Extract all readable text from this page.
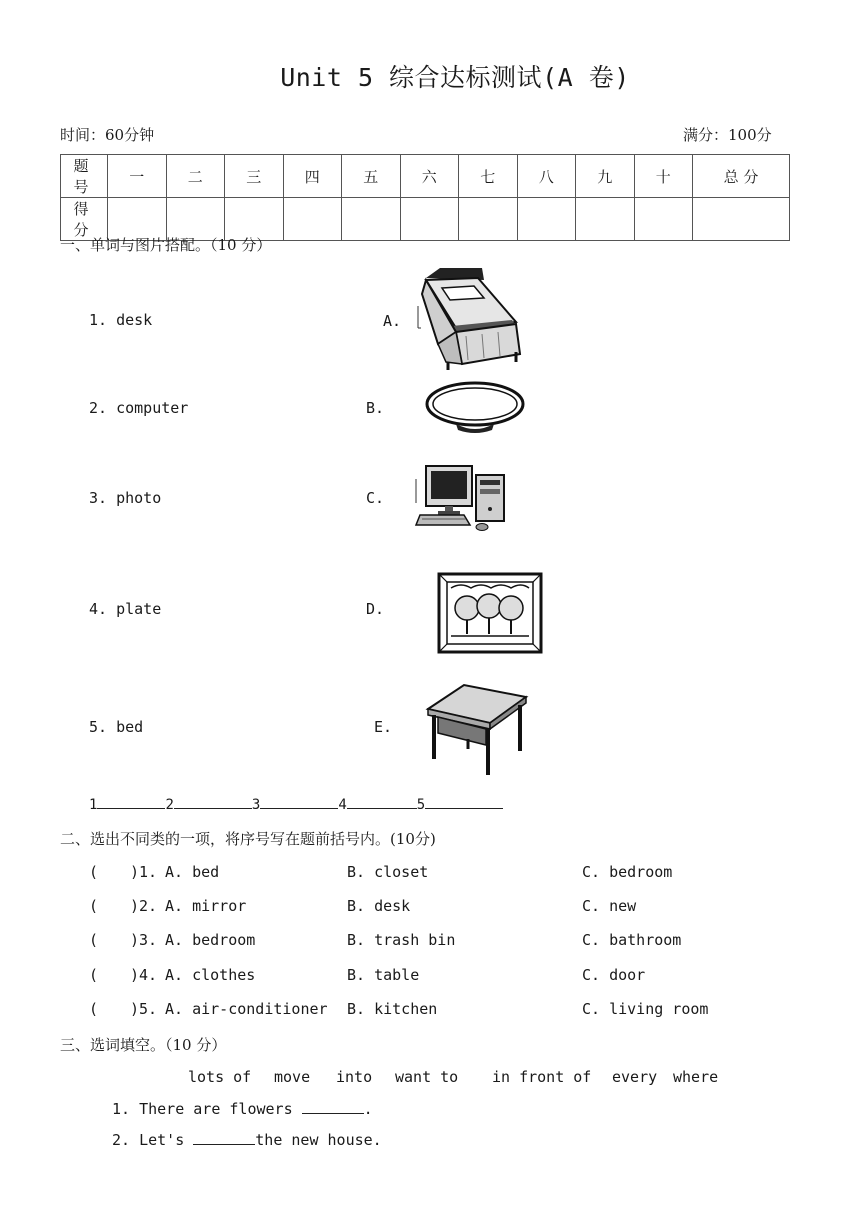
Unit 5 综合达标测试(A 卷)
时间：60分钟	满分：100分
题 号	一	二	三	四	五	六	七	八	九	十	总 分
得 分											
一、单词与图片搭配。（10 分）
1. desk
2. computer
3. photo
4. plate
5. bed
A.
B.
C.
D.
E.
1	2	3	4	5
二、选出不同类的一项，将序号写在题前括号内。(10分)
( )1. A. bed	B. closet	C. bedroom
( )2. A. mirror	B. desk	C. new
( )3. A. bedroom	B. trash bin	C. bathroom
( )4. A. clothes	B. table	C. door
( )5. A. air-conditioner B. kitchen	C. living room
三、选词填空。（10 分）
lots of move into want to in front of every where
1. There are flowers	.
2. Let's	the new house.
